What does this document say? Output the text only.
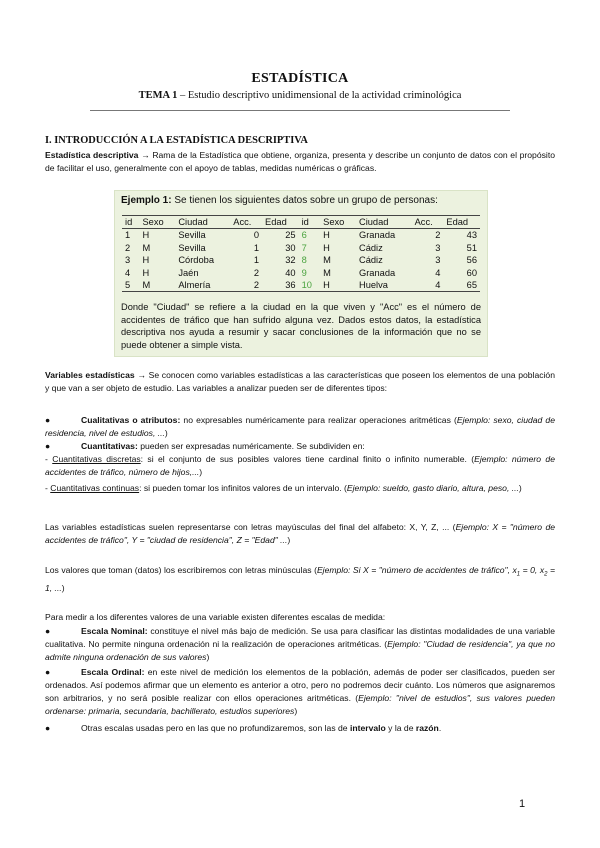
ESTADÍSTICA
TEMA 1 – Estudio descriptivo unidimensional de la actividad criminológica
I. INTRODUCCIÓN A LA ESTADÍSTICA DESCRIPTIVA
Estadística descriptiva → Rama de la Estadística que obtiene, organiza, presenta y describe un conjunto de datos con el propósito de facilitar el uso, generalmente con el apoyo de tablas, medidas numéricas o gráficas.
Ejemplo 1: Se tienen los siguientes datos sobre un grupo de personas:
id	Sexo	Ciudad	Acc.	Edad	id	Sexo	Ciudad	Acc.	Edad
1	H	Sevilla	0	25	6	H	Granada	2	43
2	M	Sevilla	1	30	7	H	Cádiz	3	51
3	H	Córdoba	1	32	8	M	Cádiz	3	56
4	H	Jaén	2	40	9	M	Granada	4	60
5	M	Almería	2	36	10	H	Huelva	4	65
Donde "Ciudad" se refiere a la ciudad en la que viven y "Acc" es el número de accidentes de tráfico que han sufrido alguna vez. Dados estos datos, la estadística descriptiva nos ayuda a resumir y sacar conclusiones de la información que no se puede obtener a simple vista.
Variables estadísticas → Se conocen como variables estadísticas a las características que poseen los elementos de una población y que van a ser objeto de estudio. Las variables a analizar pueden ser de diferentes tipos:
●	Cualitativas o atributos: no expresables numéricamente para realizar operaciones aritméticas (Ejemplo: sexo, ciudad de residencia, nivel de estudios, ...)
●	Cuantitativas: pueden ser expresadas numéricamente. Se subdividen en:
- Cuantitativas discretas: si el conjunto de sus posibles valores tiene cardinal finito o infinito numerable. (Ejemplo: número de accidentes de tráfico, número de hijos,...)
- Cuantitativas continuas: si pueden tomar los infinitos valores de un intervalo. (Ejemplo: sueldo, gasto diario, altura, peso, ...)
Las variables estadísticas suelen representarse con letras mayúsculas del final del alfabeto: X, Y, Z, ... (Ejemplo: X = "número de accidentes de tráfico", Y = "ciudad de residencia", Z = "Edad" ...)
Los valores que toman (datos) los escribiremos con letras minúsculas (Ejemplo: Si X = "número de accidentes de tráfico", $x_1 = 0$, $x_2 = 1$, ...)
Para medir a los diferentes valores de una variable existen diferentes escalas de medida:
●	Escala Nominal: constituye el nivel más bajo de medición. Se usa para clasificar las distintas modalidades de una variable cualitativa. No permite ninguna ordenación ni la realización de operaciones aritméticas. (Ejemplo: "Ciudad de residencia", ya que no admite ninguna ordenación de sus valores)
●	Escala Ordinal: en este nivel de medición los elementos de la población, además de poder ser clasificados, pueden ser ordenados. Así podemos afirmar que un elemento es anterior a otro, pero no podremos decir cuánto. Los números que asignaremos son arbitrarios, y no será posible realizar con ellos operaciones aritméticas. (Ejemplo: "nivel de estudios", sus valores pueden ordenarse: primaria, secundaria, bachillerato, estudios superiores)
●	Otras escalas usadas pero en las que no profundizaremos, son las de intervalo y la de razón.
1
